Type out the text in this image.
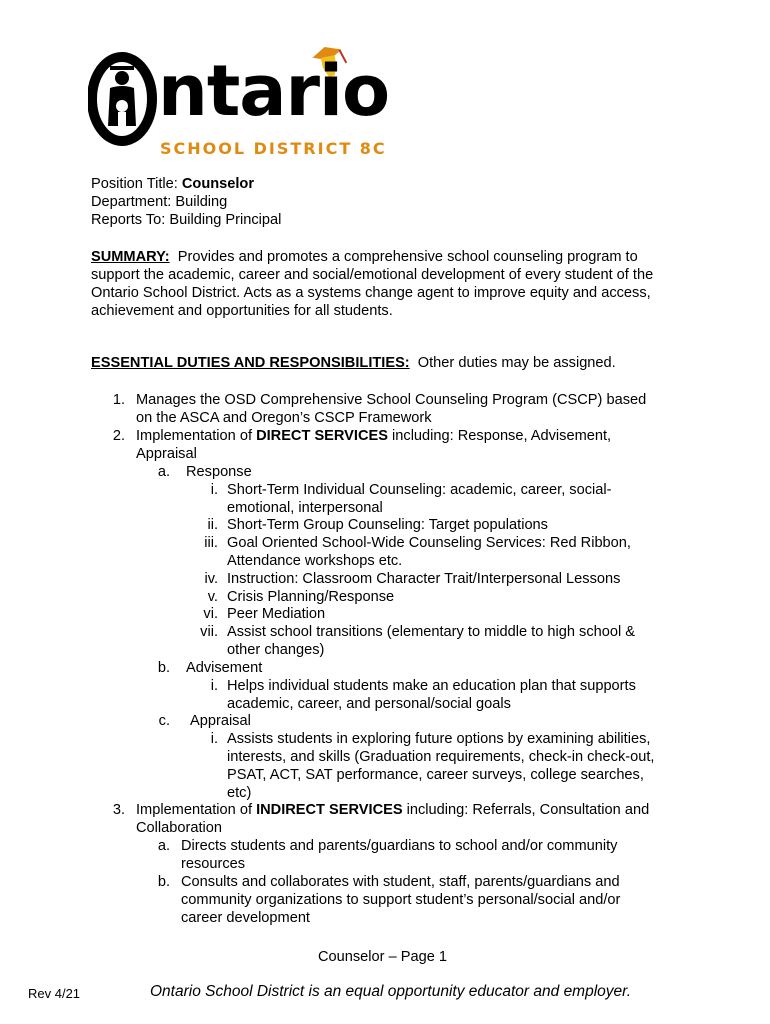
ntario
SCHOOL DISTRICT 8C
Position Title: Counselor
Department: Building
Reports To: Building Principal
SUMMARY: Provides and promotes a comprehensive school counseling program to
support the academic, career and social/emotional development of every student of the
Ontario School District. Acts as a systems change agent to improve equity and access,
achievement and opportunities for all students.
ESSENTIAL DUTIES AND RESPONSIBILITIES: Other duties may be assigned.
1. Manages the OSD Comprehensive School Counseling Program (CSCP) based
on the ASCA and Oregon’s CSCP Framework
2. Implementation of DIRECT SERVICES including: Response, Advisement,
Appraisal
a. Response
i. Short-Term Individual Counseling: academic, career, social-
emotional, interpersonal
ii. Short-Term Group Counseling: Target populations
iii. Goal Oriented School-Wide Counseling Services: Red Ribbon,
Attendance workshops etc.
iv. Instruction: Classroom Character Trait/Interpersonal Lessons
v. Crisis Planning/Response
vi. Peer Mediation
vii. Assist school transitions (elementary to middle to high school &
other changes)
b. Advisement
i. Helps individual students make an education plan that supports
academic, career, and personal/social goals
c. Appraisal
i. Assists students in exploring future options by examining abilities,
interests, and skills (Graduation requirements, check-in check-out,
PSAT, ACT, SAT performance, career surveys, college searches,
etc)
3. Implementation of INDIRECT SERVICES including: Referrals, Consultation and
Collaboration
a. Directs students and parents/guardians to school and/or community
resources
b. Consults and collaborates with student, staff, parents/guardians and
community organizations to support student’s personal/social and/or
career development
Counselor – Page 1
Rev 4/21	Ontario School District is an equal opportunity educator and employer.
